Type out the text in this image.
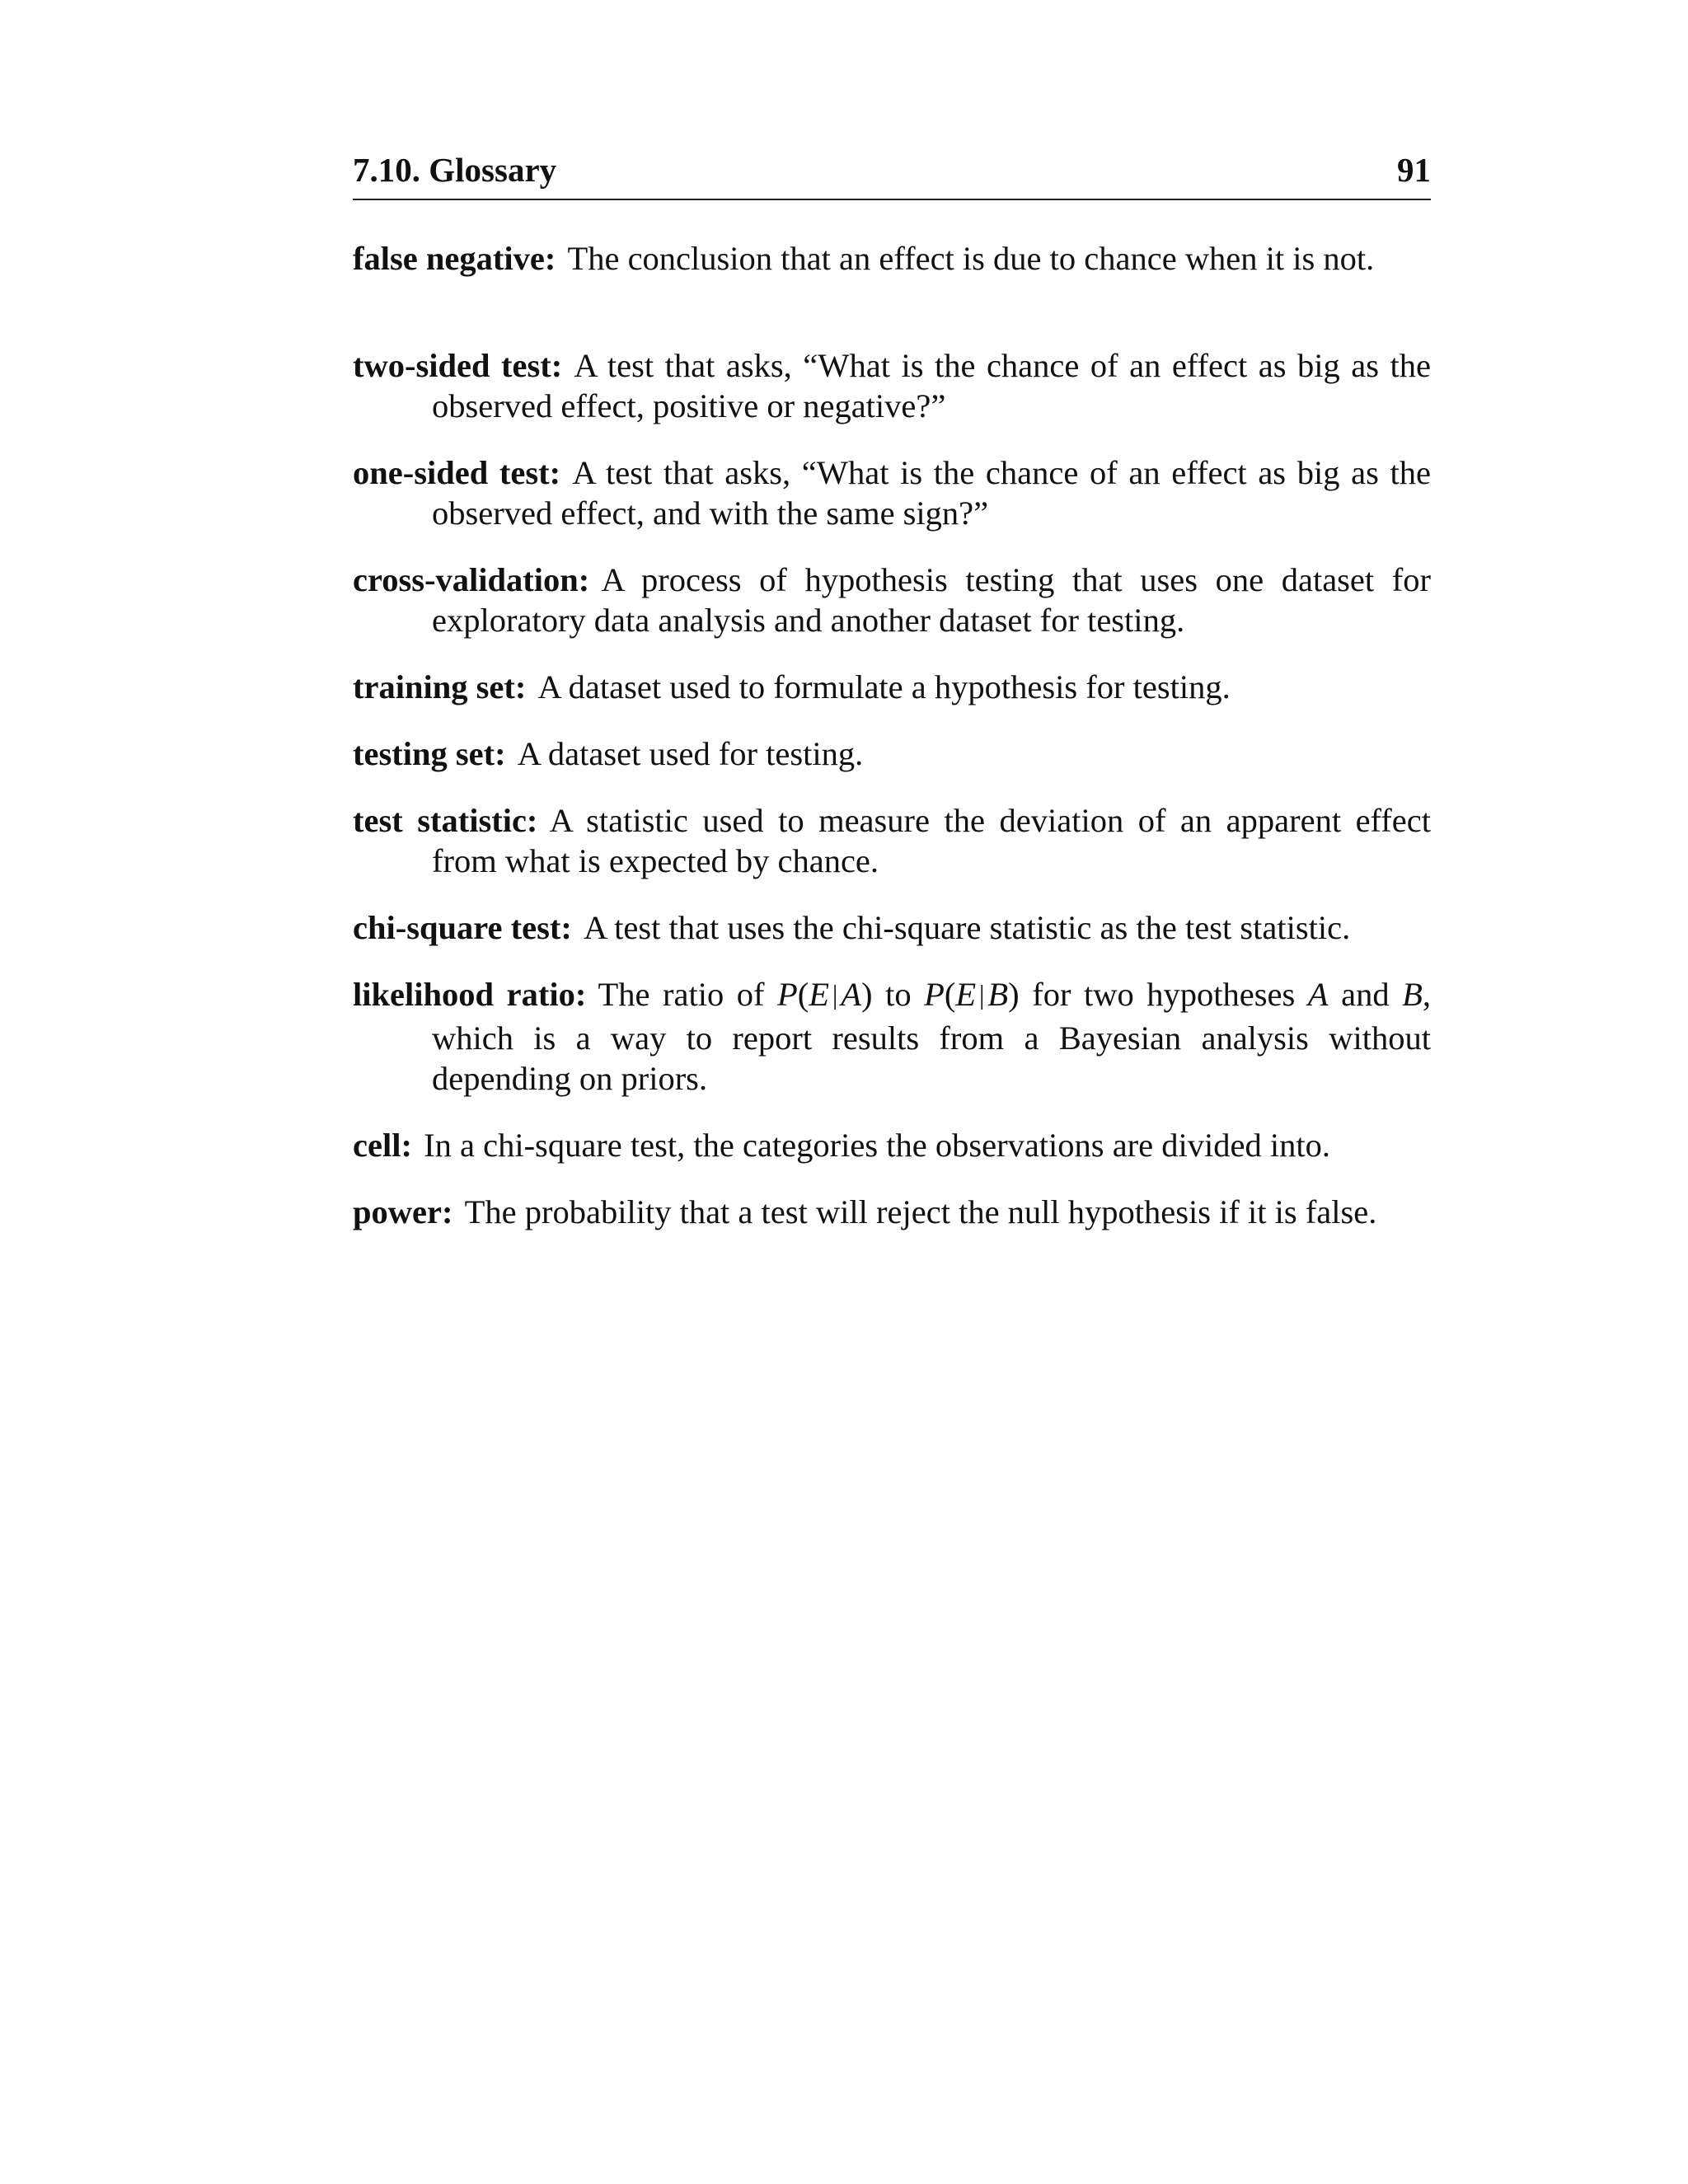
7.10. Glossary	91

false negative: The conclusion that an effect is due to chance when it is not.

two-sided test: A test that asks, “What is the chance of an effect as big as the observed effect, positive or negative?”

one-sided test: A test that asks, “What is the chance of an effect as big as the observed effect, and with the same sign?”

cross-validation: A process of hypothesis testing that uses one dataset for exploratory data analysis and another dataset for testing.

training set: A dataset used to formulate a hypothesis for testing.

testing set: A dataset used for testing.

test statistic: A statistic used to measure the deviation of an apparent effect from what is expected by chance.

chi-square test: A test that uses the chi-square statistic as the test statistic.

likelihood ratio: The ratio of P(E |A) to P(E |B) for two hypotheses A and B, which is a way to report results from a Bayesian analysis without depending on priors.

cell: In a chi-square test, the categories the observations are divided into.

power: The probability that a test will reject the null hypothesis if it is false.
